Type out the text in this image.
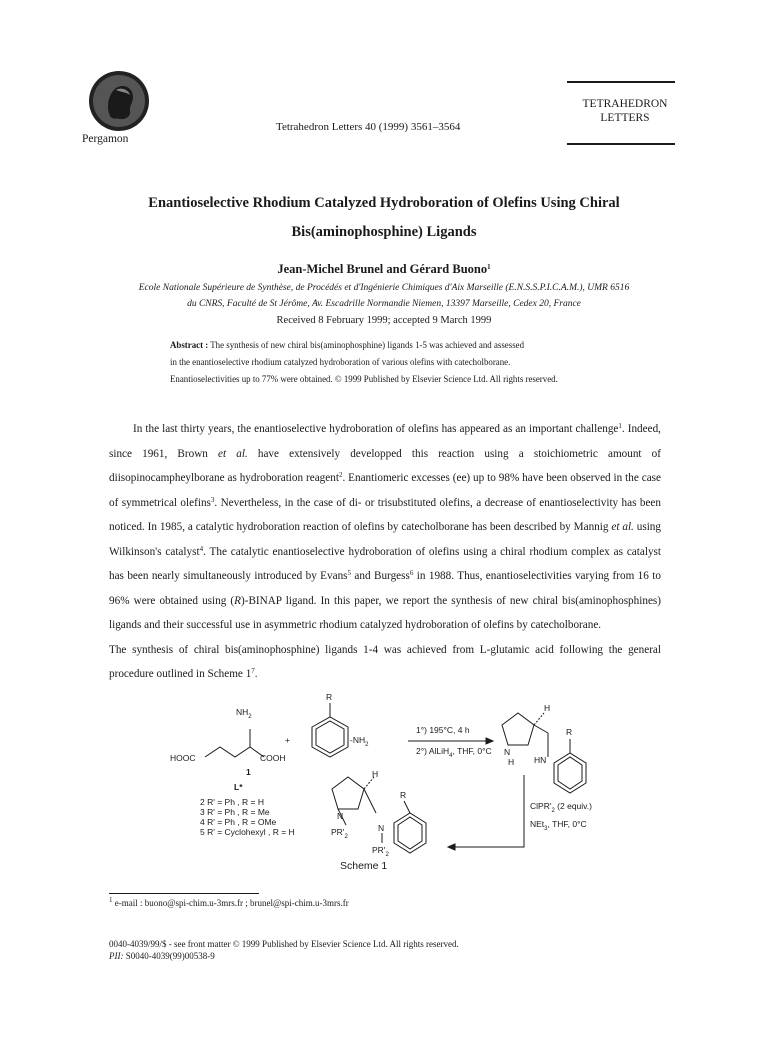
Pergamon
Tetrahedron Letters 40 (1999) 3561–3564
TETRAHEDRON
LETTERS
Enantioselective Rhodium Catalyzed Hydroboration of Olefins Using Chiral
Bis(aminophosphine) Ligands
Jean-Michel Brunel and Gérard Buono$^1$
Ecole Nationale Supérieure de Synthèse, de Procédés et d'Ingénierie Chimiques d'Aix Marseille (E.N.S.S.P.I.C.A.M.), UMR 6516
du CNRS, Faculté de St Jérôme, Av. Escadrille Normandie Niemen, 13397 Marseille, Cedex 20, France
Received 8 February 1999; accepted 9 March 1999
Abstract : The synthesis of new chiral bis(aminophosphine) ligands 1-5 was achieved and assessed
in the enantioselective rhodium catalyzed hydroboration of various olefins with catecholborane.
Enantioselectivities up to 77% were obtained. © 1999 Published by Elsevier Science Ltd. All rights reserved.

In the last thirty years, the enantioselective hydroboration of olefins has appeared as an important challenge$^1$. Indeed, since 1961, Brown et al. have extensively developped this reaction using a stoichiometric amount of diisopinocampheylborane as hydroboration reagent$^2$. Enantiomeric excesses (ee) up to 98% have been observed in the case of symmetrical olefins$^3$. Nevertheless, in the case of di- or trisubstituted olefins, a decrease of enantioselectivity has been noticed. In 1985, a catalytic hydroboration reaction of olefins by catecholborane has been described by Mannig et al. using Wilkinson's catalyst$^4$. The catalytic enantioselective hydroboration of olefins using a chiral rhodium complex as catalyst has been nearly simultaneously introduced by Evans$^5$ and Burgess$^6$ in 1988. Thus, enantioselectivities varying from 16 to 96% were obtained using (R)-BINAP ligand. In this paper, we report the synthesis of new chiral bis(aminophosphines) ligands and their successful use in asymmetric rhodium catalyzed hydroboration of olefins by catecholborane.

The synthesis of chiral bis(aminophosphine) ligands 1-4 was achieved from L-glutamic acid following the general procedure outlined in Scheme $1^7$.

$NH_2$
HOOC	COOH
1
+
R
$-NH_2$
1°) 195°C, 4 h
2°) AlLiH$_4$, THF, 0°C
H
N
H HN
R
L*
2 R' = Ph , R = H
3 R' = Ph , R = Me
4 R' = Ph , R = OMe
5 R' = Cyclohexyl , R = H
H
N
$PR'_2$
N
$PR'_2$
R
$ClPR'_2$ (2 equiv.)
NEt$_3$, THF, 0°C
Scheme 1
$^1$ e-mail : buono@spi-chim.u-3mrs.fr ; brunel@spi-chim.u-3mrs.fr
0040-4039/99/$ - see front matter © 1999 Published by Elsevier Science Ltd. All rights reserved.
PII: S0040-4039(99)00538-9
